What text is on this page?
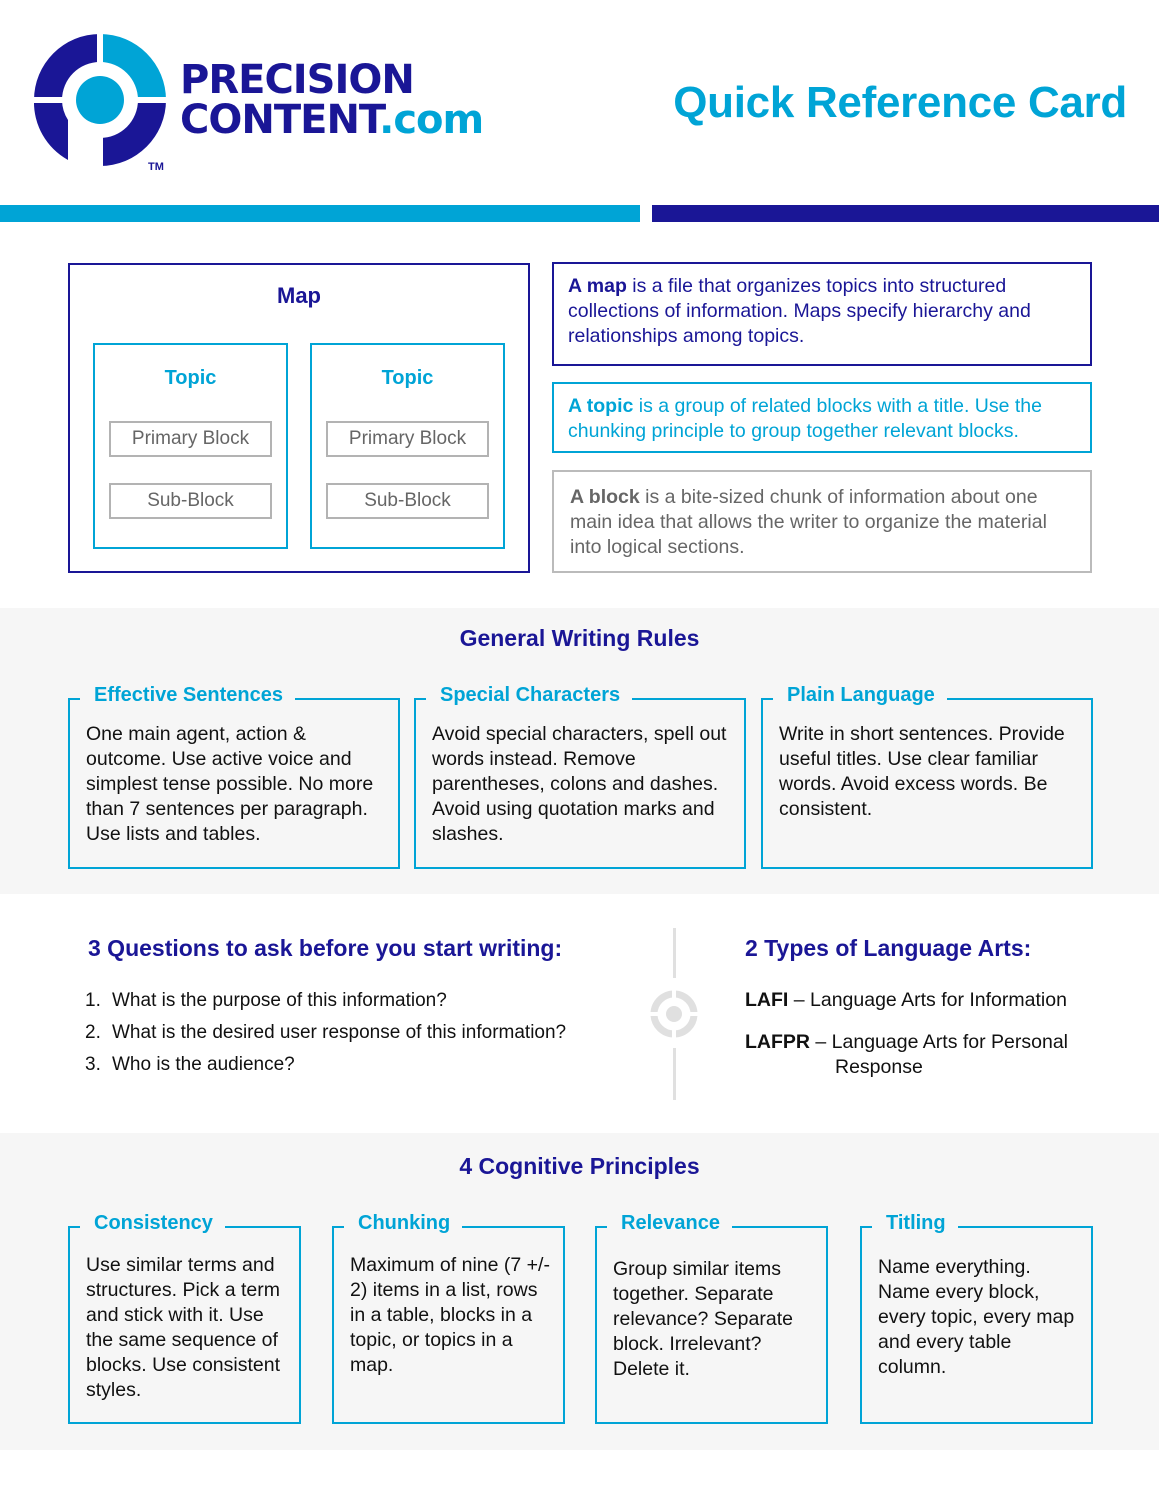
PRECISION
CONTENT.com
TM
Quick Reference Card
Map
Topic
Primary Block
Sub-Block
Topic
Primary Block
Sub-Block
A map is a file that organizes topics into structured collections of information. Maps specify hierarchy and relationships among topics.
A topic is a group of related blocks with a title. Use the chunking principle to group together relevant blocks.
A block is a bite-sized chunk of information about one main idea that allows the writer to organize the material into logical sections.
General Writing Rules
Effective Sentences
One main agent, action & outcome. Use active voice and simplest tense possible. No more than 7 sentences per paragraph. Use lists and tables.
Special Characters
Avoid special characters, spell out words instead. Remove parentheses, colons and dashes. Avoid using quotation marks and slashes.
Plain Language
Write in short sentences. Provide useful titles. Use clear familiar words. Avoid excess words. Be consistent.
3 Questions to ask before you start writing:
1. What is the purpose of this information?
2. What is the desired user response of this information?
3. Who is the audience?
2 Types of Language Arts:
LAFI – Language Arts for Information
LAFPR – Language Arts for Personal
Response
4 Cognitive Principles
Consistency
Use similar terms and structures. Pick a term and stick with it. Use the same sequence of blocks. Use consistent styles.
Chunking
Maximum of nine (7 +/- 2) items in a list, rows in a table, blocks in a topic, or topics in a map.
Relevance
Group similar items together. Separate relevance? Separate block. Irrelevant? Delete it.
Titling
Name everything. Name every block, every topic, every map and every table column.
